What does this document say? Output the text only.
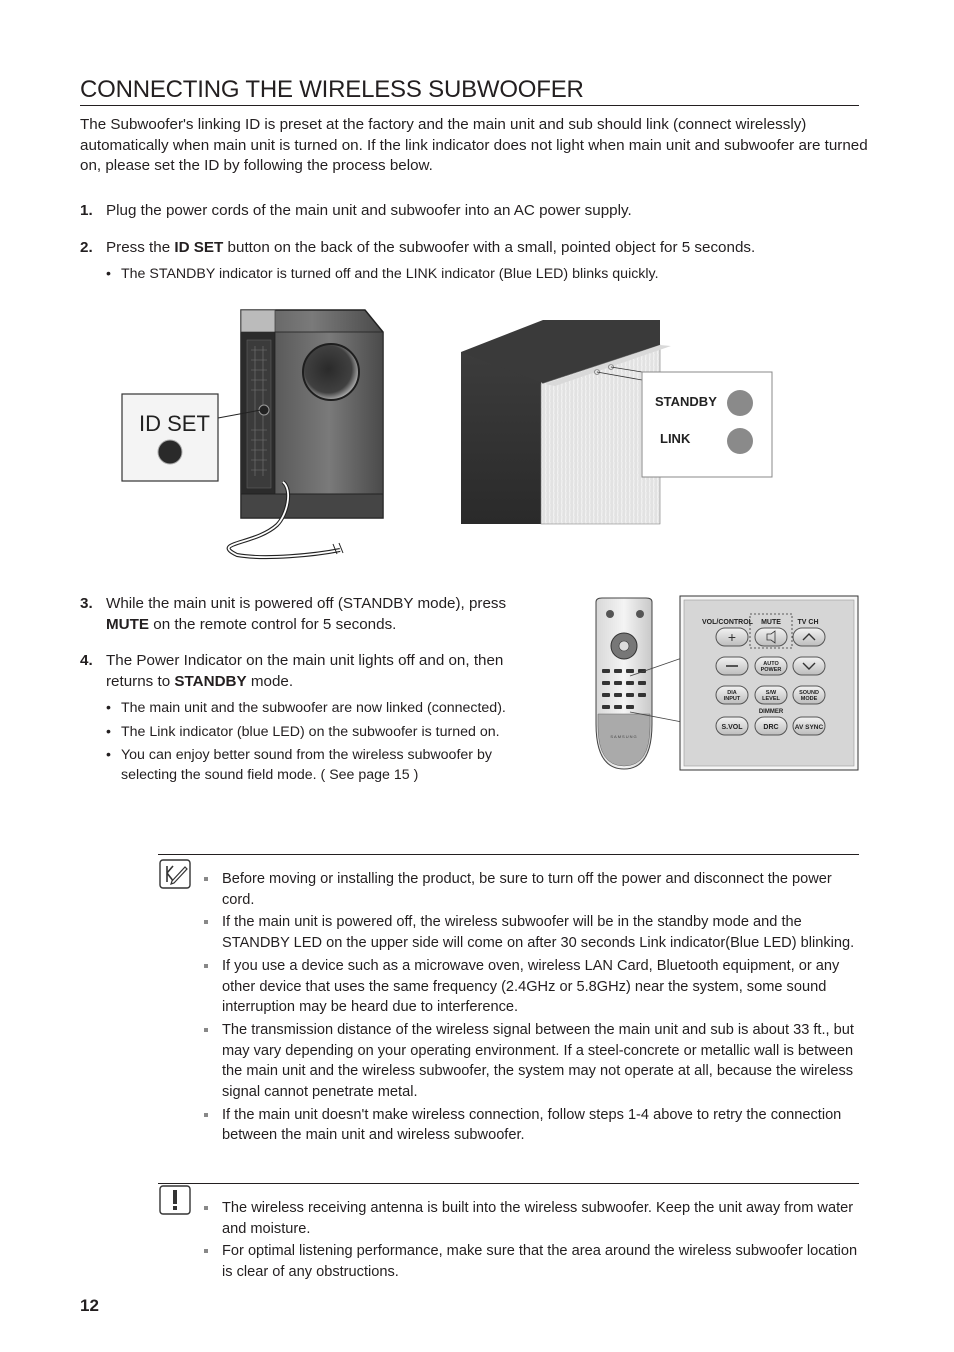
CONNECTING THE WIRELESS SUBWOOFER
The Subwoofer's linking ID is preset at the factory and the main unit and sub should link (connect wirelessly) automatically when main unit is turned on. If the link indicator does not light when main unit and subwoofer are turned on, please set the ID by following the process below.
1. Plug the power cords of the main unit and subwoofer into an AC power supply.
2. Press the ID SET button on the back of the subwoofer with a small, pointed object for 5 seconds.
• The STANDBY indicator is turned off and the LINK indicator (Blue LED) blinks quickly.
ID SET
STANDBY
LINK
3. While the main unit is powered off (STANDBY mode), press MUTE on the remote control for 5 seconds.
4. The Power Indicator on the main unit lights off and on, then returns to STANDBY mode.
• The main unit and the subwoofer are now linked (connected).
• The Link indicator (blue LED) on the subwoofer is turned on.
• You can enjoy better sound from the wireless subwoofer by selecting the sound field mode. ( See page 15 )
SAMSUNG
VOL/CONTROL MUTE TV CH
+
AUTO
POWER
DIA
INPUT
S/W
LEVEL
SOUND
MODE
DIMMER
S.VOL	DRC AV SYNC
Before moving or installing the product, be sure to turn off the power and disconnect the power cord.
If the main unit is powered off, the wireless subwoofer will be in the standby mode and the STANDBY LED on the upper side will come on after 30 seconds Link indicator(Blue LED) blinking.
If you use a device such as a microwave oven, wireless LAN Card, Bluetooth equipment, or any other device that uses the same frequency (2.4GHz or 5.8GHz) near the system, some sound interruption may be heard due to interference.
The transmission distance of the wireless signal between the main unit and sub is about 33 ft., but may vary depending on your operating environment. If a steel-concrete or metallic wall is between the main unit and the wireless subwoofer, the system may not operate at all, because the wireless signal cannot penetrate metal.
If the main unit doesn't make wireless connection, follow steps 1-4 above to retry the connection between the main unit and wireless subwoofer.
The wireless receiving antenna is built into the wireless subwoofer. Keep the unit away from water and moisture.
For optimal listening performance, make sure that the area around the wireless subwoofer location is clear of any obstructions.
12
